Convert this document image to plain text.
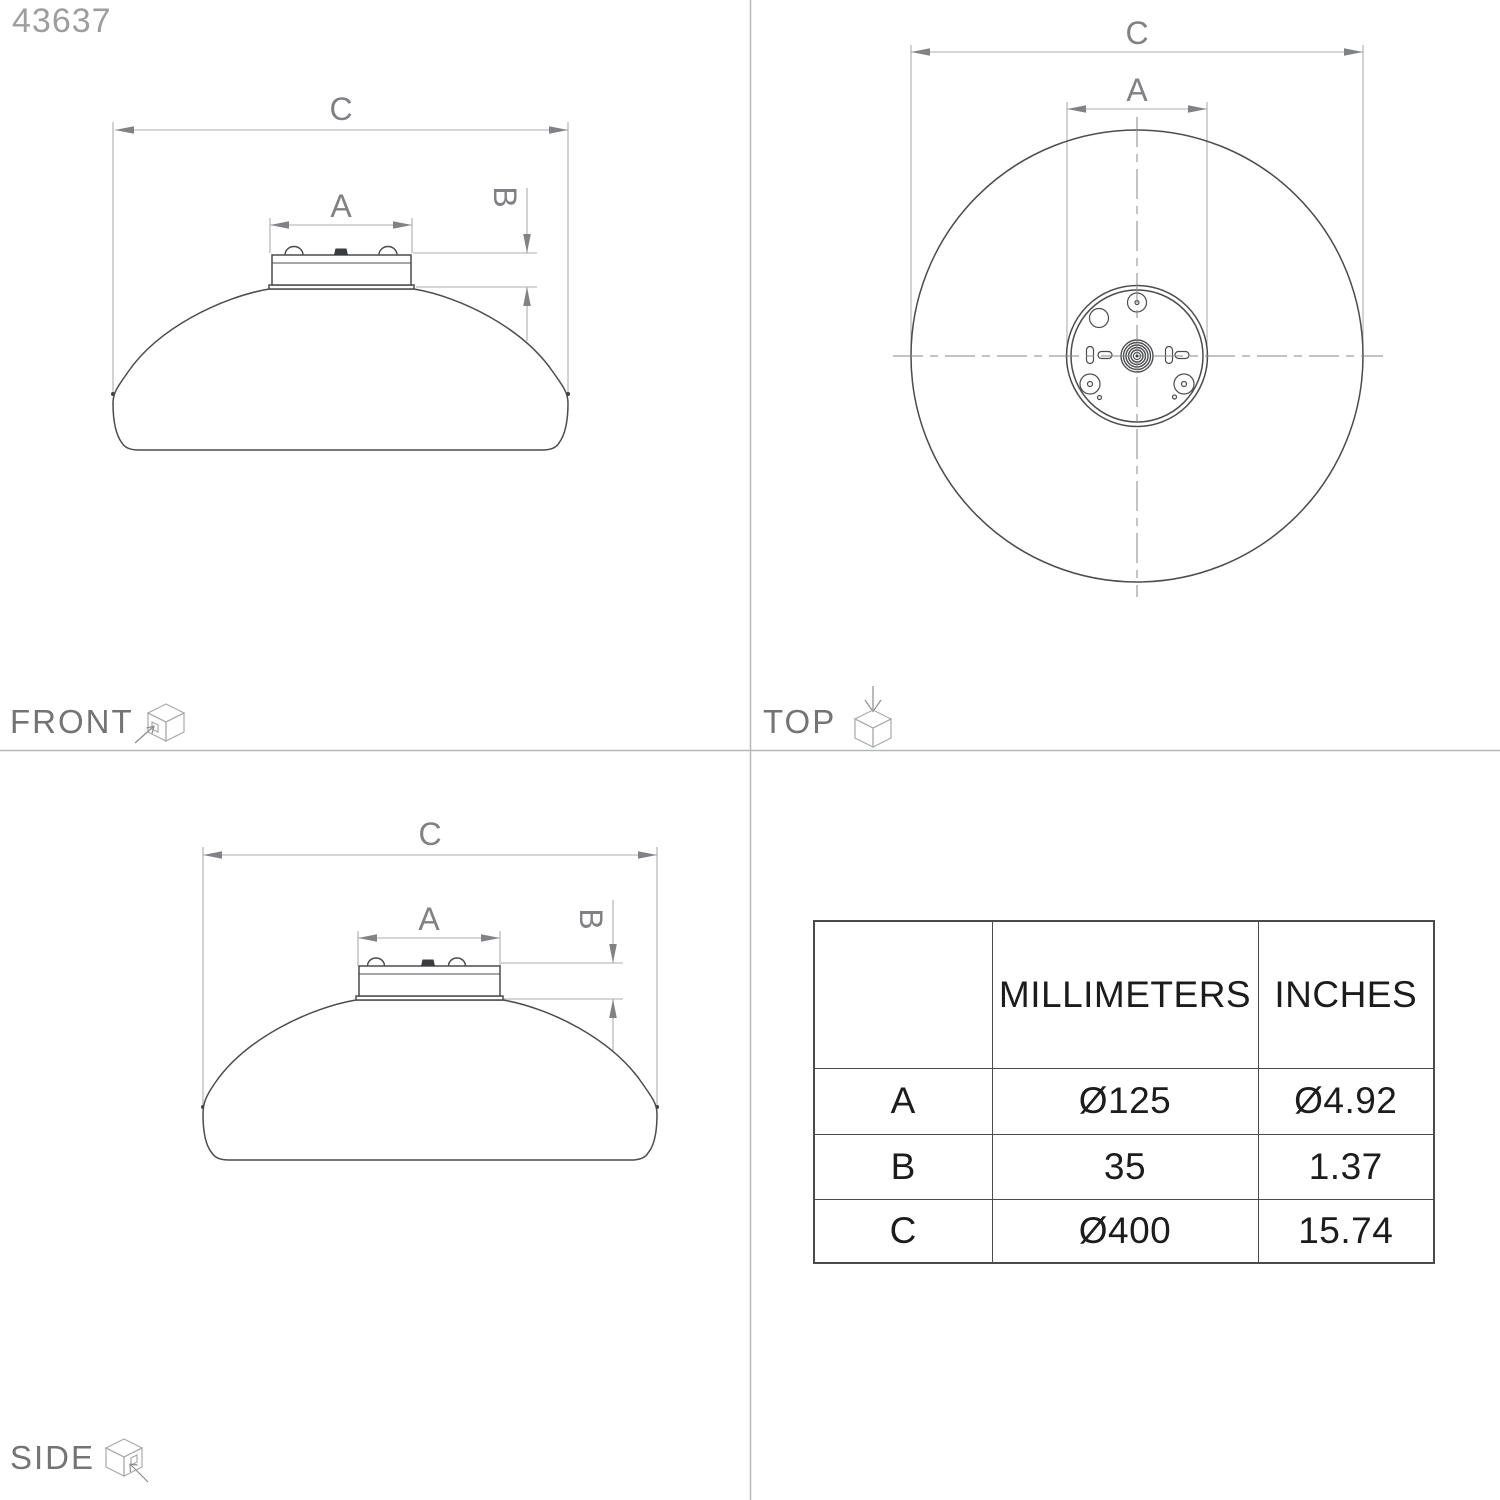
C
A	B
C
A
C
A	B
43637
FRONT	TOP
SIDE
	MILLIMETERS	INCHES
A	Ø125	Ø4.92
B	35	1.37
C	Ø400	15.74
